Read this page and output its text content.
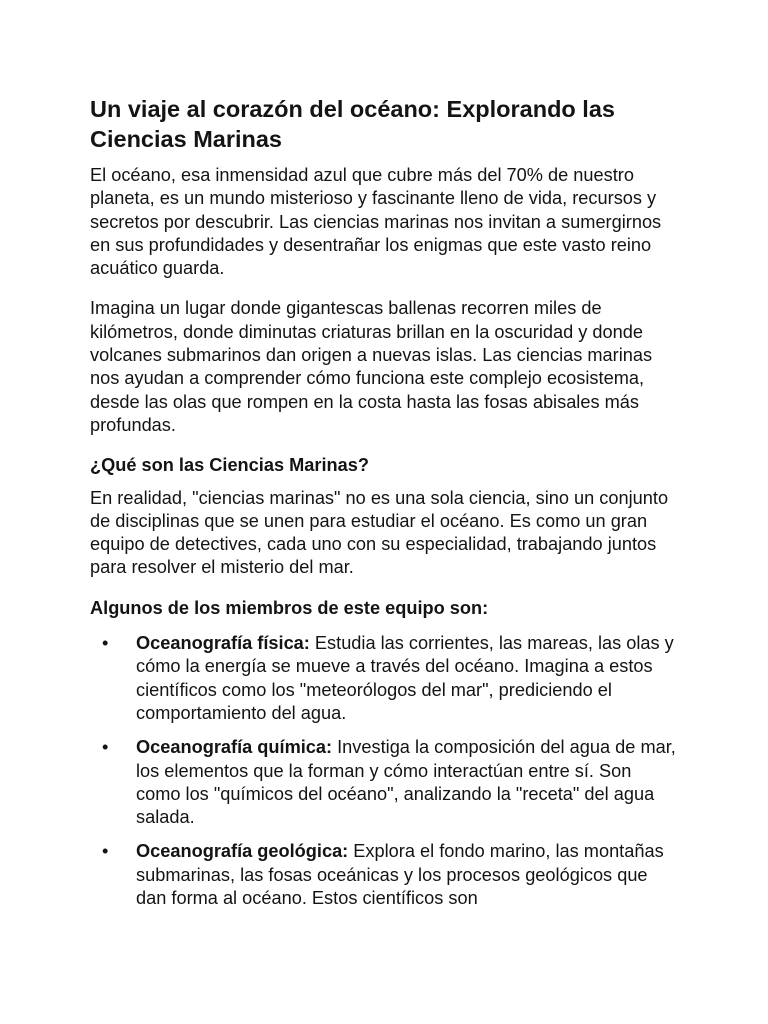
Un viaje al corazón del océano: Explorando las Ciencias Marinas

El océano, esa inmensidad azul que cubre más del 70% de nuestro planeta, es un mundo misterioso y fascinante lleno de vida, recursos y secretos por descubrir. Las ciencias marinas nos invitan a sumergirnos en sus profundidades y desentrañar los enigmas que este vasto reino acuático guarda.

Imagina un lugar donde gigantescas ballenas recorren miles de kilómetros, donde diminutas criaturas brillan en la oscuridad y donde volcanes submarinos dan origen a nuevas islas. Las ciencias marinas nos ayudan a comprender cómo funciona este complejo ecosistema, desde las olas que rompen en la costa hasta las fosas abisales más profundas.

¿Qué son las Ciencias Marinas?

En realidad, "ciencias marinas" no es una sola ciencia, sino un conjunto de disciplinas que se unen para estudiar el océano. Es como un gran equipo de detectives, cada uno con su especialidad, trabajando juntos para resolver el misterio del mar.

Algunos de los miembros de este equipo son:
• Oceanografía física: Estudia las corrientes, las mareas, las olas y cómo la energía se mueve a través del océano. Imagina a estos científicos como los "meteorólogos del mar", prediciendo el comportamiento del agua.
• Oceanografía química: Investiga la composición del agua de mar, los elementos que la forman y cómo interactúan entre sí. Son como los "químicos del océano", analizando la "receta" del agua salada.
• Oceanografía geológica: Explora el fondo marino, las montañas submarinas, las fosas oceánicas y los procesos geológicos que dan forma al océano. Estos científicos son
